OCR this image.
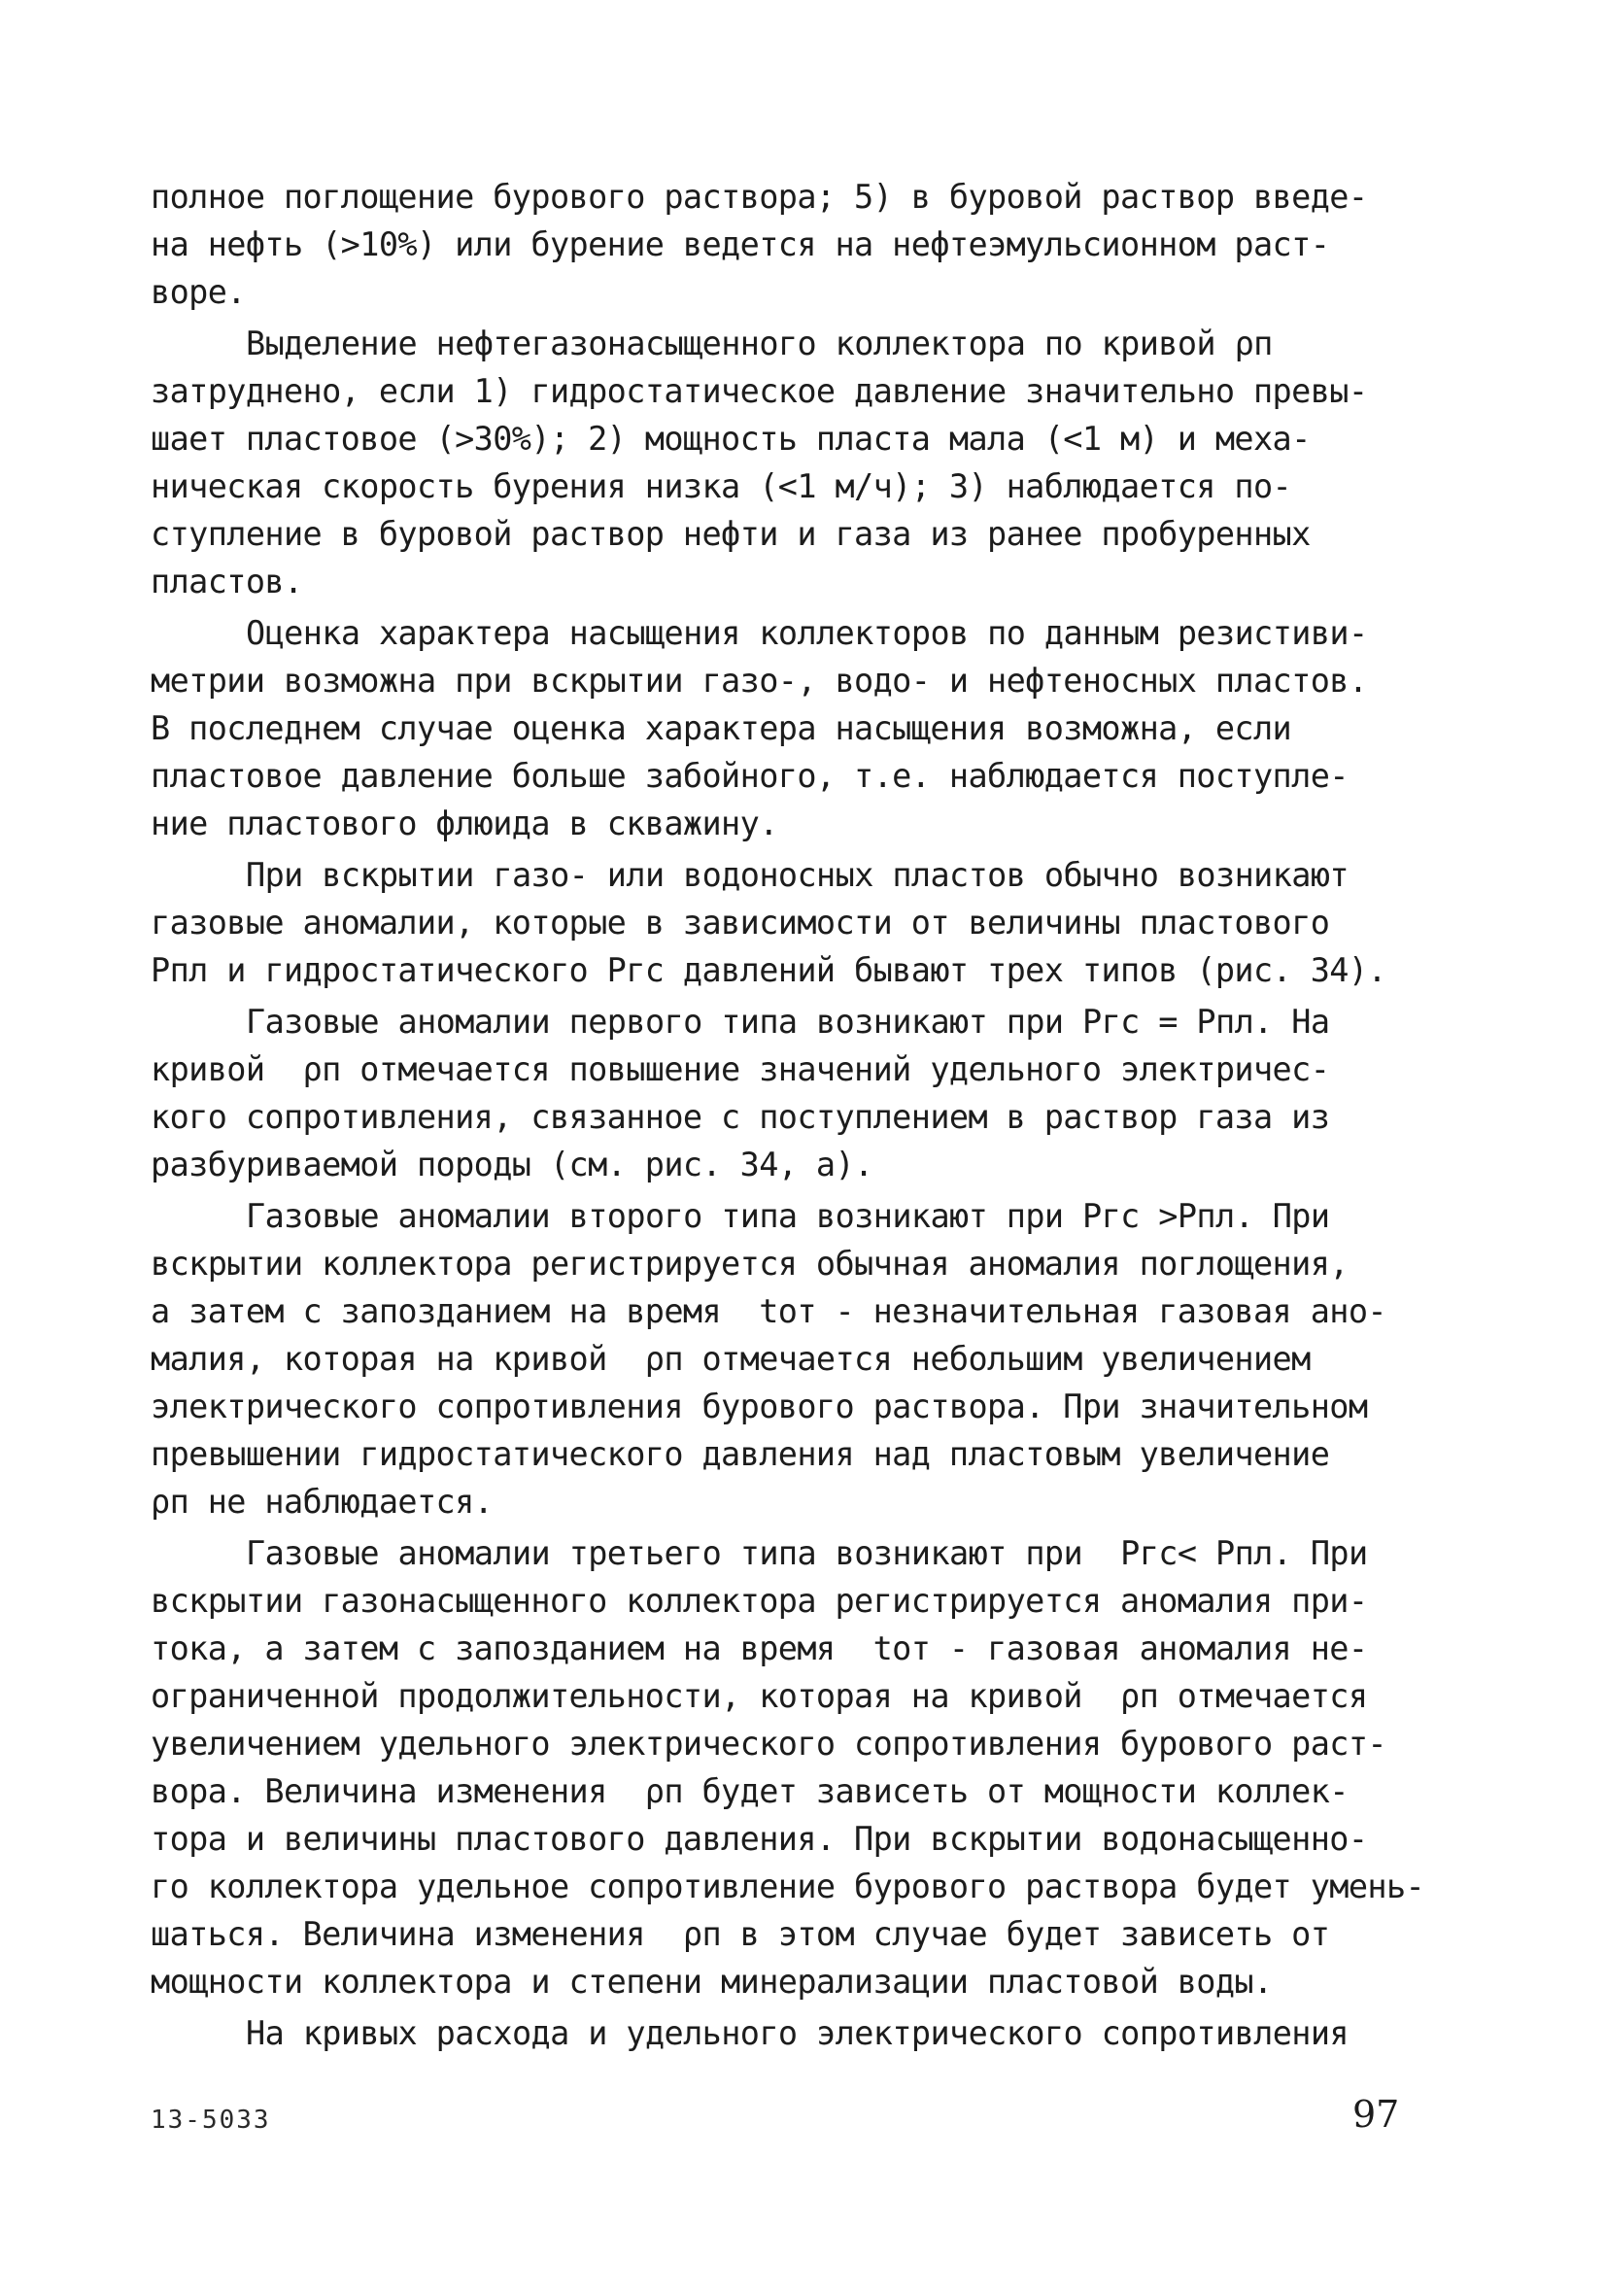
полное поглощение бурового раствора; 5) в буровой раствор введе-
на нефть (>10%) или бурение ведется на нефтеэмульсионном раст-
воре.

Выделение нефтегазонасыщенного коллектора по кривой ρп
затруднено, если 1) гидростатическое давление значительно превы-
шает пластовое (>30%); 2) мощность пласта мала (<1 м) и меха-
ническая скорость бурения низка (<1 м/ч); 3) наблюдается по-
ступление в буровой раствор нефти и газа из ранее пробуренных
пластов.

Оценка характера насыщения коллекторов по данным резистиви-
метрии возможна при вскрытии газо-, водо- и нефтеносных пластов.
В последнем случае оценка характера насыщения возможна, если
пластовое давление больше забойного, т.е. наблюдается поступле-
ние пластового флюида в скважину.

При вскрытии газо- или водоносных пластов обычно возникают
газовые аномалии, которые в зависимости от величины пластового
Рпл и гидростатического Ргс давлений бывают трех типов (рис. 34).

Газовые аномалии первого типа возникают при Ргс = Рпл. На
кривой  ρп отмечается повышение значений удельного электричес-
кого сопротивления, связанное с поступлением в раствор газа из
разбуриваемой породы (см. рис. 34, а).

Газовые аномалии второго типа возникают при Ргс >Рпл. При
вскрытии коллектора регистрируется обычная аномалия поглощения,
а затем с запозданием на время  tот - незначительная газовая ано-
малия, которая на кривой  ρп отмечается небольшим увеличением
электрического сопротивления бурового раствора. При значительном
превышении гидростатического давления над пластовым увеличение
ρп не наблюдается.

Газовые аномалии третьего типа возникают при  Ргс< Рпл. При
вскрытии газонасыщенного коллектора регистрируется аномалия при-
тока, а затем с запозданием на время  tот - газовая аномалия не-
ограниченной продолжительности, которая на кривой  ρп отмечается
увеличением удельного электрического сопротивления бурового раст-
вора. Величина изменения  ρп будет зависеть от мощности коллек-
тора и величины пластового давления. При вскрытии водонасыщенно-
го коллектора удельное сопротивление бурового раствора будет умень-
шаться. Величина изменения  ρп в этом случае будет зависеть от
мощности коллектора и степени минерализации пластовой воды.

На кривых расхода и удельного электрического сопротивления

13-5033	97
